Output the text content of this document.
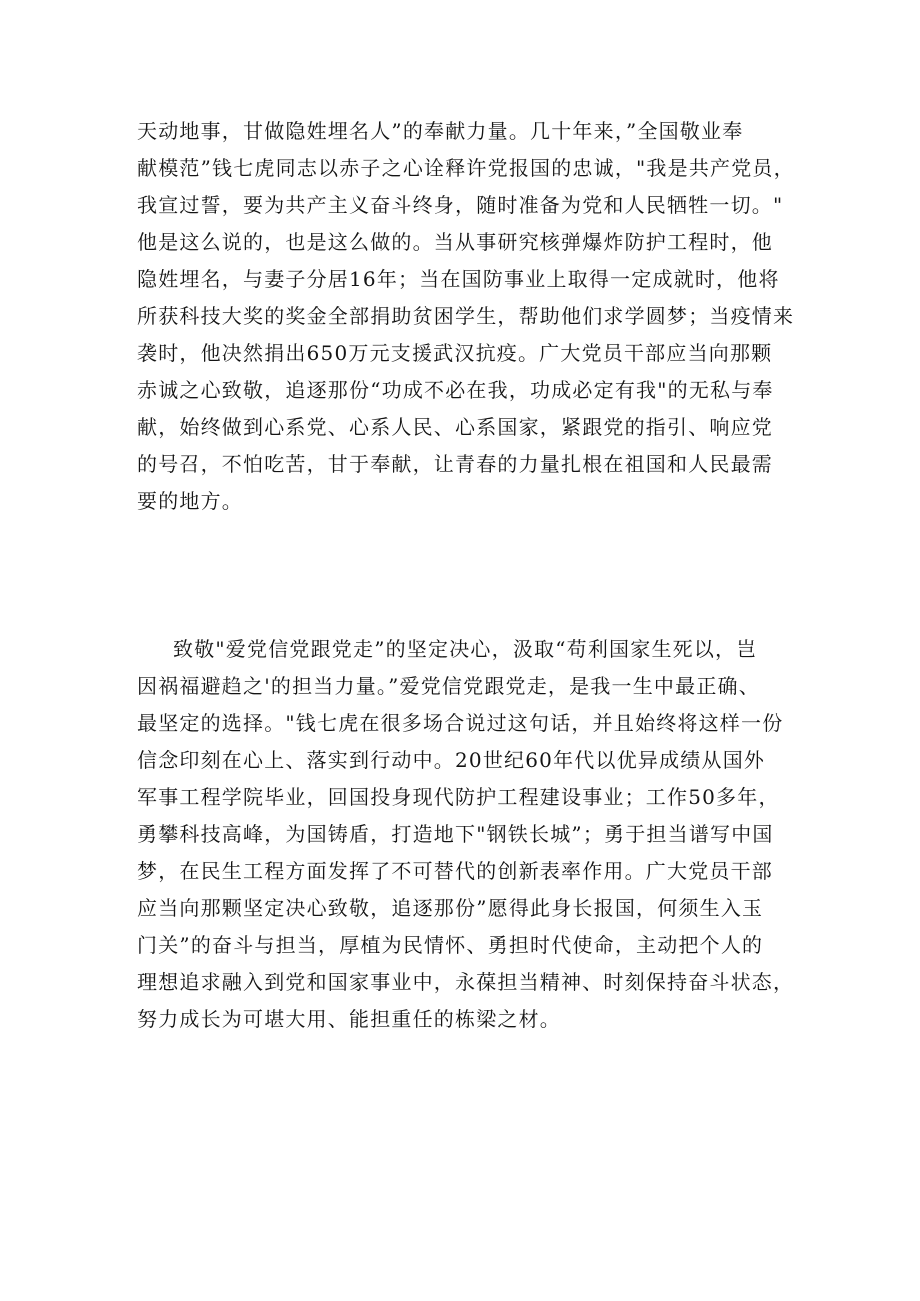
天动地事，甘做隐姓埋名人”的奉献力量。几十年来，”全国敬业奉
献模范”钱七虎同志以赤子之心诠释许党报国的忠诚，"我是共产党员，
我宣过誓，要为共产主义奋斗终身，随时准备为党和人民牺牲一切。"
他是这么说的，也是这么做的。当从事研究核弹爆炸防护工程时，他
隐姓埋名，与妻子分居16年；当在国防事业上取得一定成就时，他将
所获科技大奖的奖金全部捐助贫困学生，帮助他们求学圆梦；当疫情来
袭时，他决然捐出650万元支援武汉抗疫。广大党员干部应当向那颗
赤诚之心致敬，追逐那份“功成不必在我，功成必定有我"的无私与奉
献，始终做到心系党、心系人民、心系国家，紧跟党的指引、响应党
的号召，不怕吃苦，甘于奉献，让青春的力量扎根在祖国和人民最需
要的地方。
致敬"爱党信党跟党走”的坚定决心，汲取“苟利国家生死以，岂
因祸福避趋之'的担当力量。”爱党信党跟党走，是我一生中最正确、
最坚定的选择。"钱七虎在很多场合说过这句话，并且始终将这样一份
信念印刻在心上、落实到行动中。20世纪60年代以优异成绩从国外
军事工程学院毕业，回国投身现代防护工程建设事业；工作50多年，
勇攀科技高峰，为国铸盾，打造地下"钢铁长城”；勇于担当谱写中国
梦，在民生工程方面发挥了不可替代的创新表率作用。广大党员干部
应当向那颗坚定决心致敬，追逐那份”愿得此身长报国，何须生入玉
门关”的奋斗与担当，厚植为民情怀、勇担时代使命，主动把个人的
理想追求融入到党和国家事业中，永葆担当精神、时刻保持奋斗状态，
努力成长为可堪大用、能担重任的栋梁之材。
